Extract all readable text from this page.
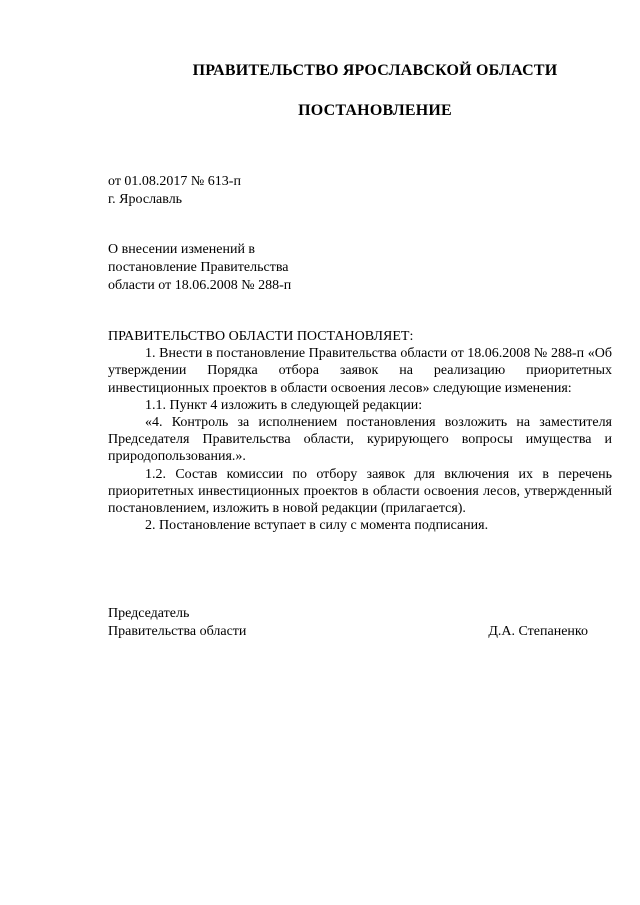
ПРАВИТЕЛЬСТВО ЯРОСЛАВСКОЙ ОБЛАСТИ
ПОСТАНОВЛЕНИЕ

от 01.08.2017 № 613-п

г. Ярославль

О внесении изменений в

постановление Правительства

области от 18.06.2008 № 288-п

ПРАВИТЕЛЬСТВО ОБЛАСТИ ПОСТАНОВЛЯЕТ:

1. Внести в постановление Правительства области от 18.06.2008 № 288-п «Об утверждении Порядка отбора заявок на реализацию приоритетных инвестиционных проектов в области освоения лесов» следующие изменения:

1.1. Пункт 4 изложить в следующей редакции:

«4. Контроль за исполнением постановления возложить на заместителя Председателя Правительства области, курирующего вопросы имущества и природопользования.».

1.2. Состав комиссии по отбору заявок для включения их в перечень приоритетных инвестиционных проектов в области освоения лесов, утвержденный постановлением, изложить в новой редакции (прилагается).

2. Постановление вступает в силу с момента подписания.

Председатель
Правительства области	Д.А. Степаненко
